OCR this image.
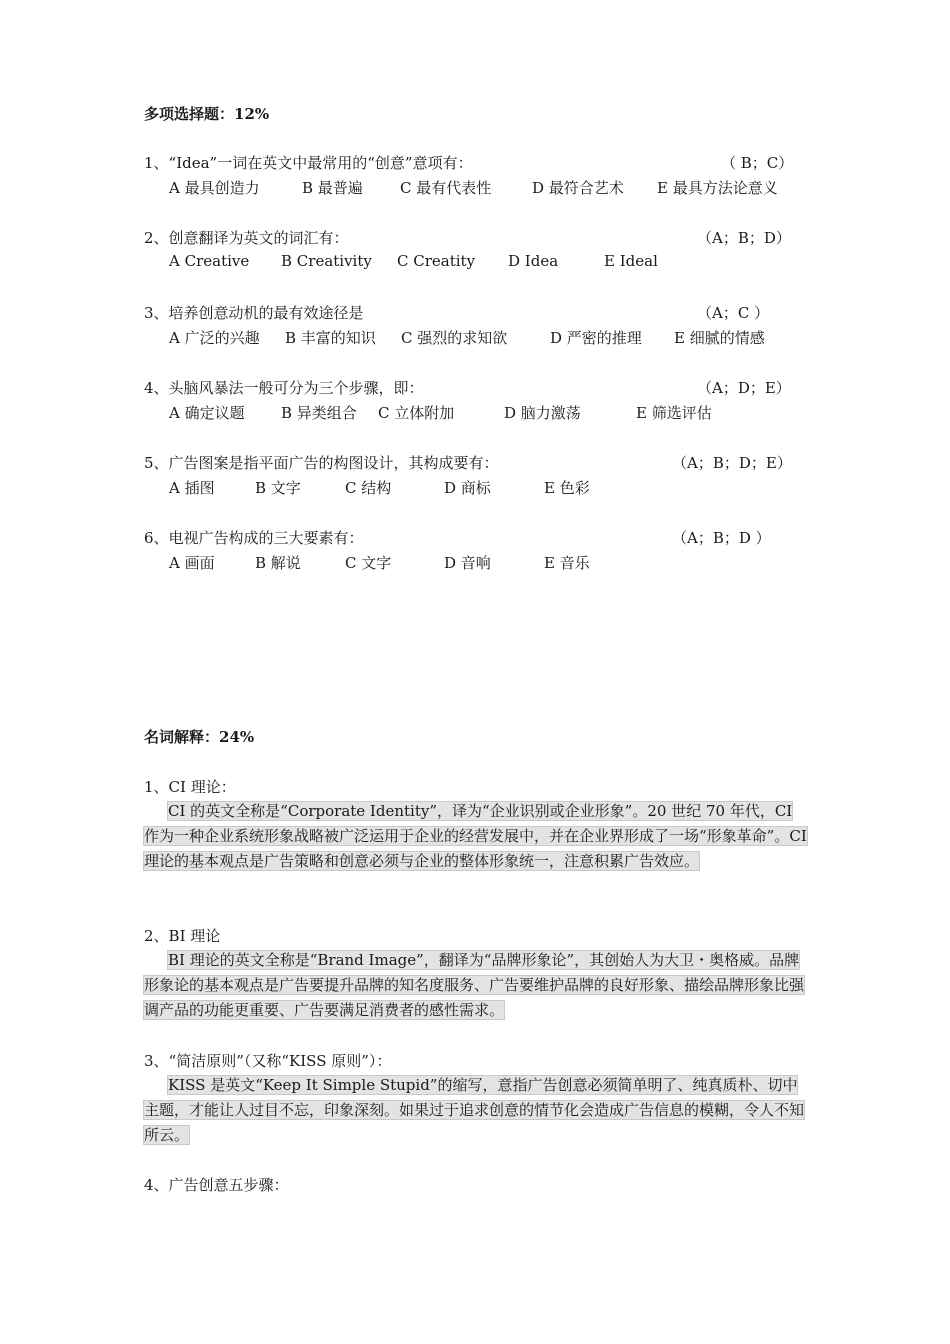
多项选择题：12%
1、“Idea”一词在英文中最常用的“创意”意项有：	（ B；C）
A 最具创造力	B 最普遍 C 最有代表性	D 最符合艺术 E 最具方法论意义
2、创意翻译为英文的词汇有：	（A；B；D）
A Creative B Creativity C Creatity D Idea	E Ideal
3、培养创意动机的最有效途径是	（A；C ）
A 广泛的兴趣 B 丰富的知识 C 强烈的求知欲	D 严密的推理 E 细腻的情感
4、头脑风暴法一般可分为三个步骤，即：	（A；D；E）
A 确定议题 B 异类组合 C 立体附加	D 脑力激荡	E 筛选评估
5、广告图案是指平面广告的构图设计，其构成要有：	（A；B；D；E）
A 插图	B 文字	C 结构	D 商标	E 色彩
6、电视广告构成的三大要素有：	（A；B；D ）
A 画面	B 解说	C 文字	D 音响	E 音乐
名词解释：24%
1、CI 理论：
CI 的英文全称是“Corporate Identity”，译为“企业识别或企业形象”。20 世纪 70 年代，CI 作为一种企业系统形象战略被广泛运用于企业的经营发展中，并在企业界形成了一场“形象革命”。CI 理论的基本观点是广告策略和创意必须与企业的整体形象统一，注意积累广告效应。
2、BI 理论
BI 理论的英文全称是“Brand Image”，翻译为“品牌形象论”，其创始人为大卫・奥格威。品牌形象论的基本观点是广告要提升品牌的知名度服务、广告要维护品牌的良好形象、描绘品牌形象比强调产品的功能更重要、广告要满足消费者的感性需求。
3、“简洁原则”（又称“KISS 原则”）：
KISS 是英文“Keep It Simple Stupid”的缩写，意指广告创意必须简单明了、纯真质朴、切中主题，才能让人过目不忘，印象深刻。如果过于追求创意的情节化会造成广告信息的模糊，令人不知所云。
4、广告创意五步骤：
